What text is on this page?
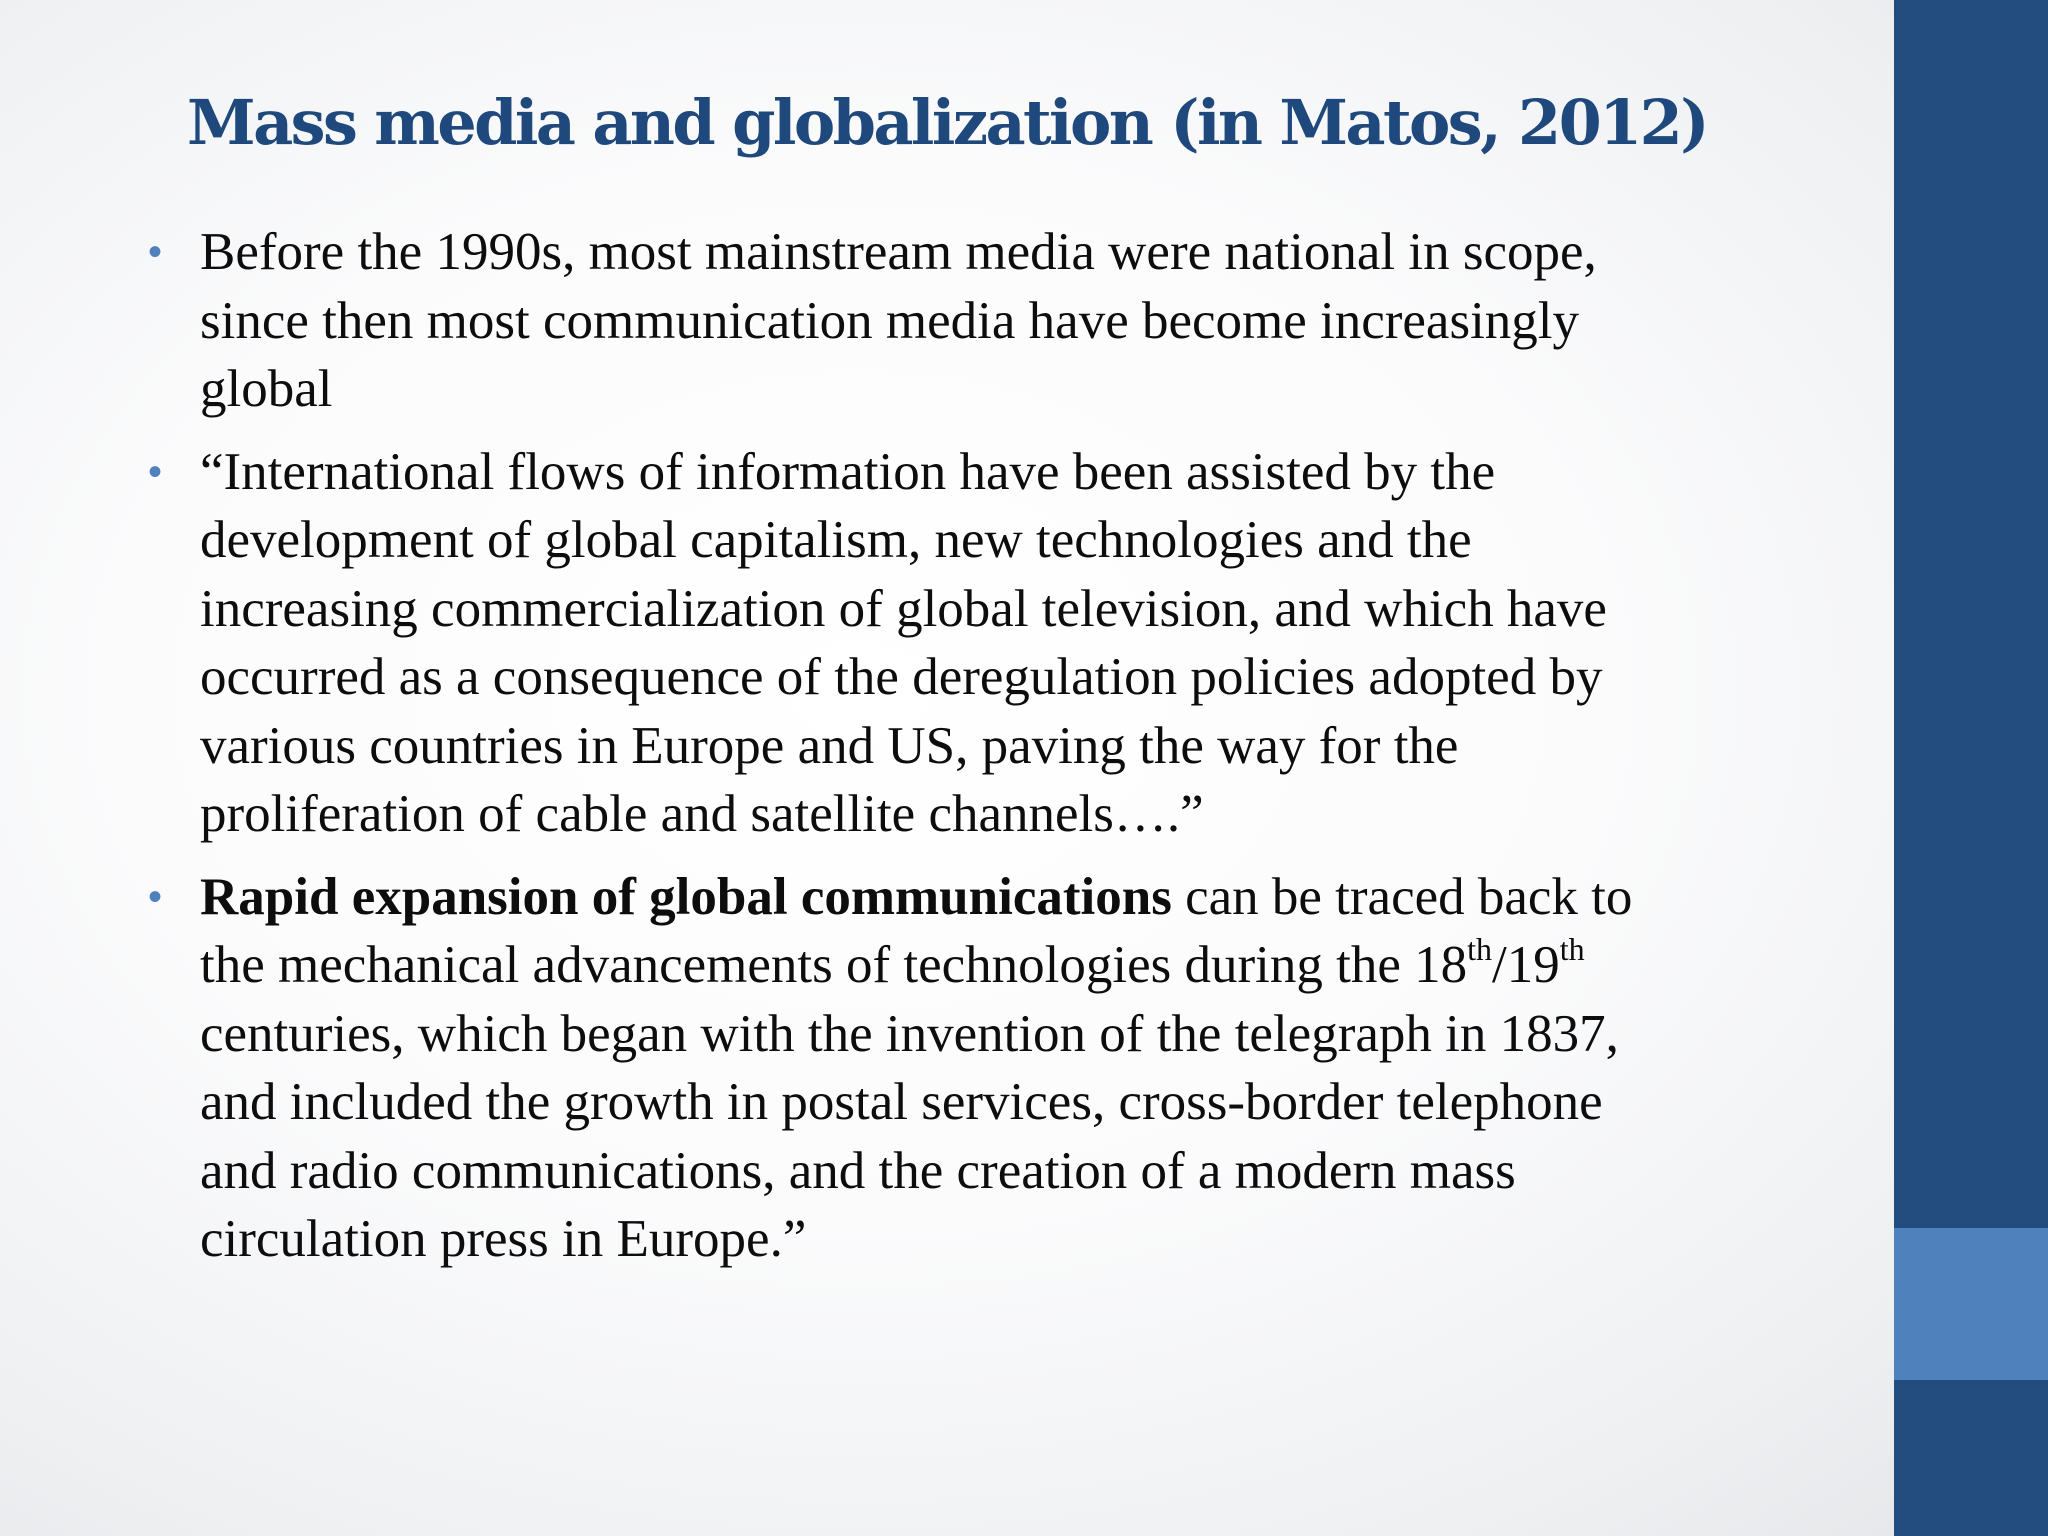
Mass media and globalization (in Matos, 2012)
• Before the 1990s, most mainstream media were national in scope,
since then most communication media have become increasingly
global
• “International flows of information have been assisted by the
development of global capitalism, new technologies and the
increasing commercialization of global television, and which have
occurred as a consequence of the deregulation policies adopted by
various countries in Europe and US, paving the way for the
proliferation of cable and satellite channels….”
• Rapid expansion of global communications can be traced back to
the mechanical advancements of technologies during the 18th/19th
centuries, which began with the invention of the telegraph in 1837,
and included the growth in postal services, cross-border telephone
and radio communications, and the creation of a modern mass
circulation press in Europe.”
